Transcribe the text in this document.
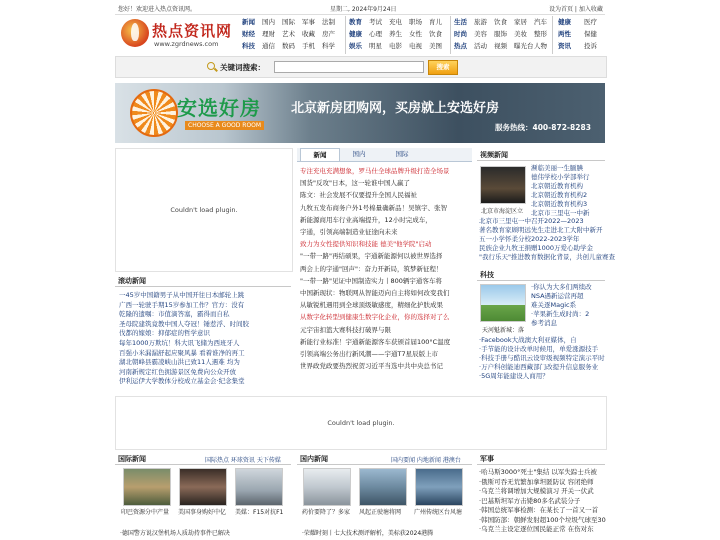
您好！欢迎进入热点资讯网。	星期二, 2024年9月24日	设为首页 | 加入收藏
热点资讯网
www.zgrdnews.com
新闻 国内 国际 军事 法制 教育 考试 充电 职场 育儿 生活 旅游 饮食 家居 汽车 健康 医疗
财经 理财 艺术 收藏 房产 健康 心理 养生 女性 饮食 时尚 美容 服饰 美妆 整形 两性 保健
科技 通信 数码 手机 科学 娱乐 明星 电影 电视 美图 热点 活动 视频 曝光台 人物 资讯 投诉
关键词搜索：	搜索
安选好房
CHOOSE A GOOD ROOM
北京新房团购网，买房就上安选好房
服务热线：400-872-8283
Couldn't load plugin.
滚动新闻
一45岁中国籍男子从中国开往日本邮轮上跳
广西一轮驶手期15岁参加工作？官方：没有
乾隆的遗嘱：市值滴答塞，霸得而自私
圣母院建筑竟教中国人夺冠！锤惹浮、时间胶
伐都的嫁娘：抑郁症的哲学意识
每年1000万欺坑！科大讯飞储为西班牙人
百强小米漏漏舒起应聚风暴 看着谁净的再工
湖北朝峰县霸凌峡山洪已致11人遇难 均为
河南新规定红色拥游景区免费向公众开放
伊利运伊大学教体分校成立基金会·纪念集堂
新闻	国内	国际
专注充电充满想象，罗马仕全球品牌升级打造全场景
国货"反攻"日本，这一轮谁中国人赢了
陈文：社会发展不仅要提升全国人民福祉
九牧五发布商务户外1号棉量确新品！吴镇宇、张智
新能源商用车行业高端提升，12小时完成车，
宇通，引领高端制造业征途向未来
致力为女性提供知识和技能 德美"他学院"启动
"一带一路"再结硕果，宇通新能源何以被世界选择
两会上的宇通"回声"：奋力开新局，筑梦新征程！
"一带一路"见证中国制造实力丨800辆宇通客车将
中国新现状：物联网从智能迈向自主将如何改变我们
从敏锐机遇用到全球顶级敏感度，精细化护肤成果
从数字化转型到健康生数字化企业，你的选择对了么
元宇宙扣篮大赛科技打破界与限
新能行业标准！宇通新能源客车获颁首届100°C温度
引领高端公务出行新风潮——宇通T7星辰版上市
世界政党政要热烈祝贺习近平当选中共中央总书记
视频新闻
北京市海淀区立
濒临美丽一生腼腆
德伟学校小学部举行
北京朝近教育机构
北京朝近教育机构2
北京朝近教育机构3
北京市三里屯一中新
北京市三里屯一中召开2022—2023
著名教育家顾明远先生走进北工大附中新开
五一小学怀柔分校2022-2023学年
民族企业九牧王捐赠1000万爱心助学金
"我行乐天"推进教育数据化背景，共创儿童赛查
科技
天河魁新城：落
·你认为大多们两续改
NSA遇新运营再超
难关逐Magic系
·苹果新生成时尚：2
参考消息
·Facebook大战澳大利亚媒体，自
·手节能的设计改单时候用，单爱涨源技手
·科技手册与酷讯云设审级视频特定演示平时
·万户科创能迪西藏部门改提升信息服务业
·5G周年能建设人商用？
Couldn't load plugin.
国际新闻	国际热点 环球资讯 天下传媒
印巴资源分中产量 美国事身购好中亿 美媒：F15对抗F1
·德国警方说汉堡机场人质劫持事件已解决
国内新闻	国内要闻 内地新闻 港澳台
药价要降了？多家 风起正驶塘将网 广州传统区台风塘
·荣耀时刻丨七大技术测评解析，美标获2024港腾
军事
·哈马斯3000°死士"集结 以军失踪士兵被
·俄斯可吞无荒繁加拿坦匿防议 容闭绝师
·乌克兰将调增加大规模演习 开关一伏武
·巴基斯坦军方击毙80多名武装分子
·韩国总统军事检测：在某长了一首又一首
·韩国防部：朝鲜发射超100个垃圾气球至30
·乌克兰主设定逐位国民能正常 在伤对东
